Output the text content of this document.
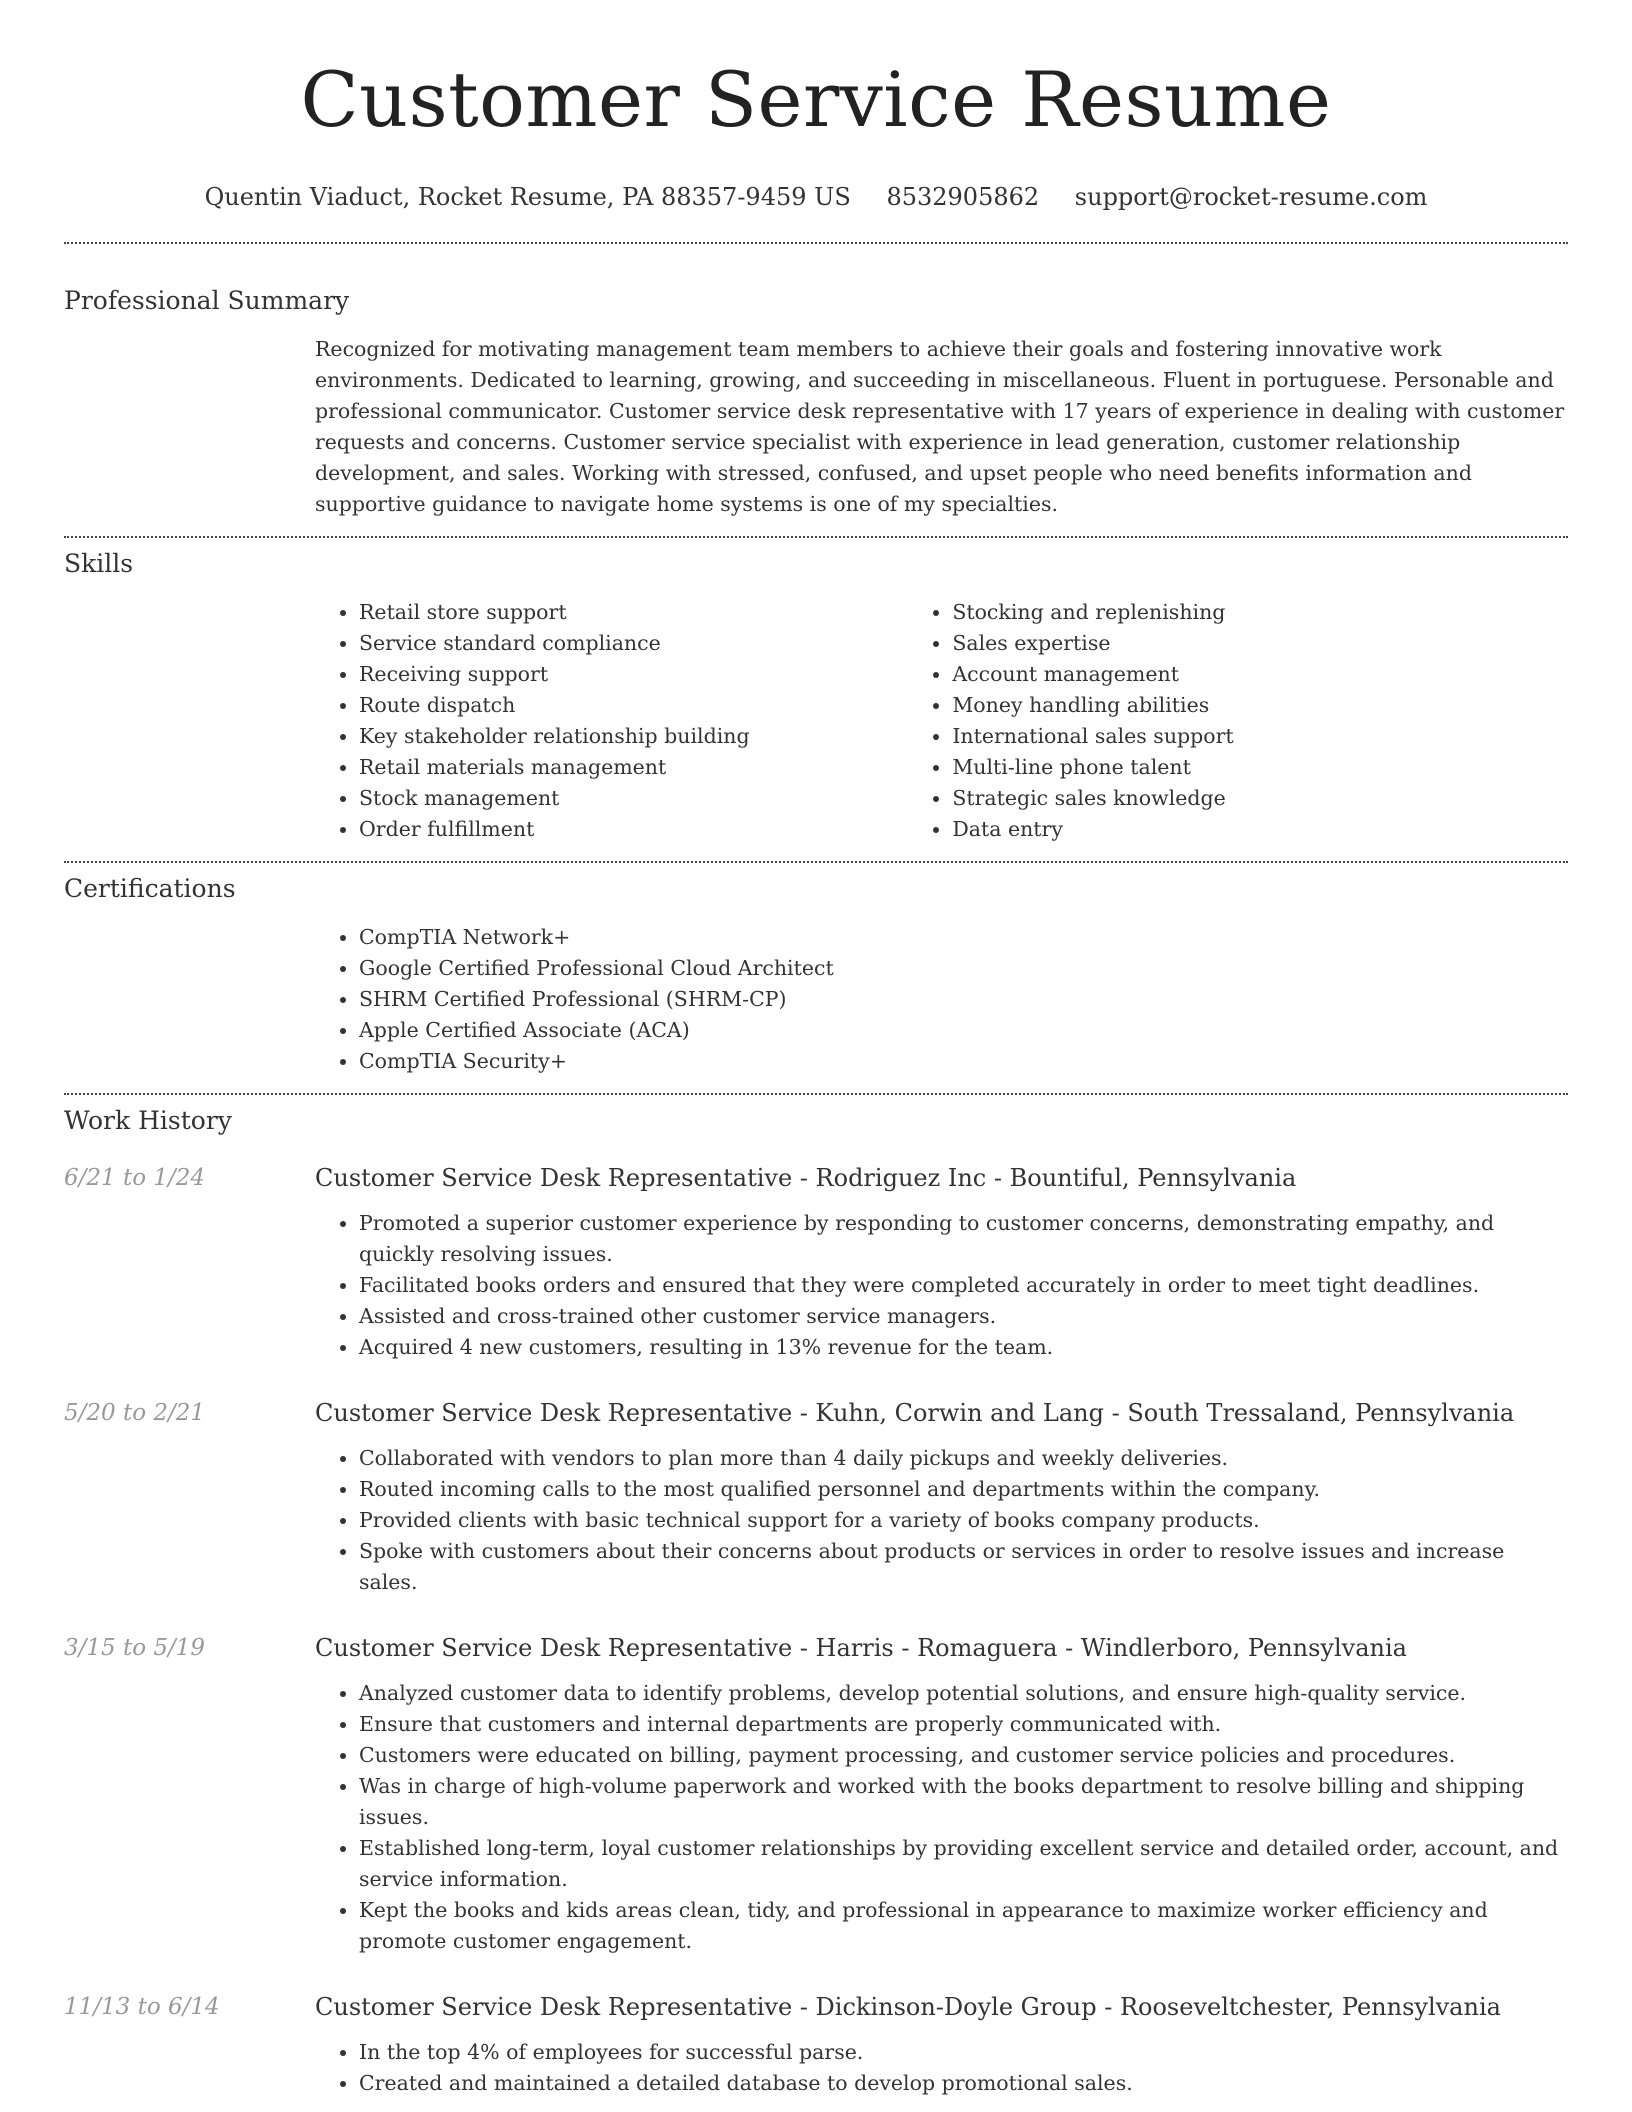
Customer Service Resume
Quentin Viaduct, Rocket Resume, PA 88357-9459 US 8532905862 support@rocket-resume.com
Professional Summary
Recognized for motivating management team members to achieve their goals and fostering innovative work environments. Dedicated to learning, growing, and succeeding in miscellaneous. Fluent in portuguese. Personable and professional communicator. Customer service desk representative with 17 years of experience in dealing with customer requests and concerns. Customer service specialist with experience in lead generation, customer relationship development, and sales. Working with stressed, confused, and upset people who need benefits information and supportive guidance to navigate home systems is one of my specialties.
Skills
• Retail store support
• Service standard compliance
• Receiving support
• Route dispatch
• Key stakeholder relationship building
• Retail materials management
• Stock management
• Order fulfillment
• Stocking and replenishing
• Sales expertise
• Account management
• Money handling abilities
• International sales support
• Multi-line phone talent
• Strategic sales knowledge
• Data entry
Certifications
• CompTIA Network+
• Google Certified Professional Cloud Architect
• SHRM Certified Professional (SHRM-CP)
• Apple Certified Associate (ACA)
• CompTIA Security+
Work History
6/21 to 1/24	Customer Service Desk Representative - Rodriguez Inc - Bountiful, Pennsylvania
• Promoted a superior customer experience by responding to customer concerns, demonstrating empathy, and quickly resolving issues.
• Facilitated books orders and ensured that they were completed accurately in order to meet tight deadlines.
• Assisted and cross-trained other customer service managers.
• Acquired 4 new customers, resulting in 13% revenue for the team.
5/20 to 2/21	Customer Service Desk Representative - Kuhn, Corwin and Lang - South Tressaland, Pennsylvania
• Collaborated with vendors to plan more than 4 daily pickups and weekly deliveries.
• Routed incoming calls to the most qualified personnel and departments within the company.
• Provided clients with basic technical support for a variety of books company products.
• Spoke with customers about their concerns about products or services in order to resolve issues and increase sales.
3/15 to 5/19	Customer Service Desk Representative - Harris - Romaguera - Windlerboro, Pennsylvania
• Analyzed customer data to identify problems, develop potential solutions, and ensure high-quality service.
• Ensure that customers and internal departments are properly communicated with.
• Customers were educated on billing, payment processing, and customer service policies and procedures.
• Was in charge of high-volume paperwork and worked with the books department to resolve billing and shipping issues.
• Established long-term, loyal customer relationships by providing excellent service and detailed order, account, and service information.
• Kept the books and kids areas clean, tidy, and professional in appearance to maximize worker efficiency and promote customer engagement.
11/13 to 6/14	Customer Service Desk Representative - Dickinson-Doyle Group - Rooseveltchester, Pennsylvania
• In the top 4% of employees for successful parse.
• Created and maintained a detailed database to develop promotional sales.
